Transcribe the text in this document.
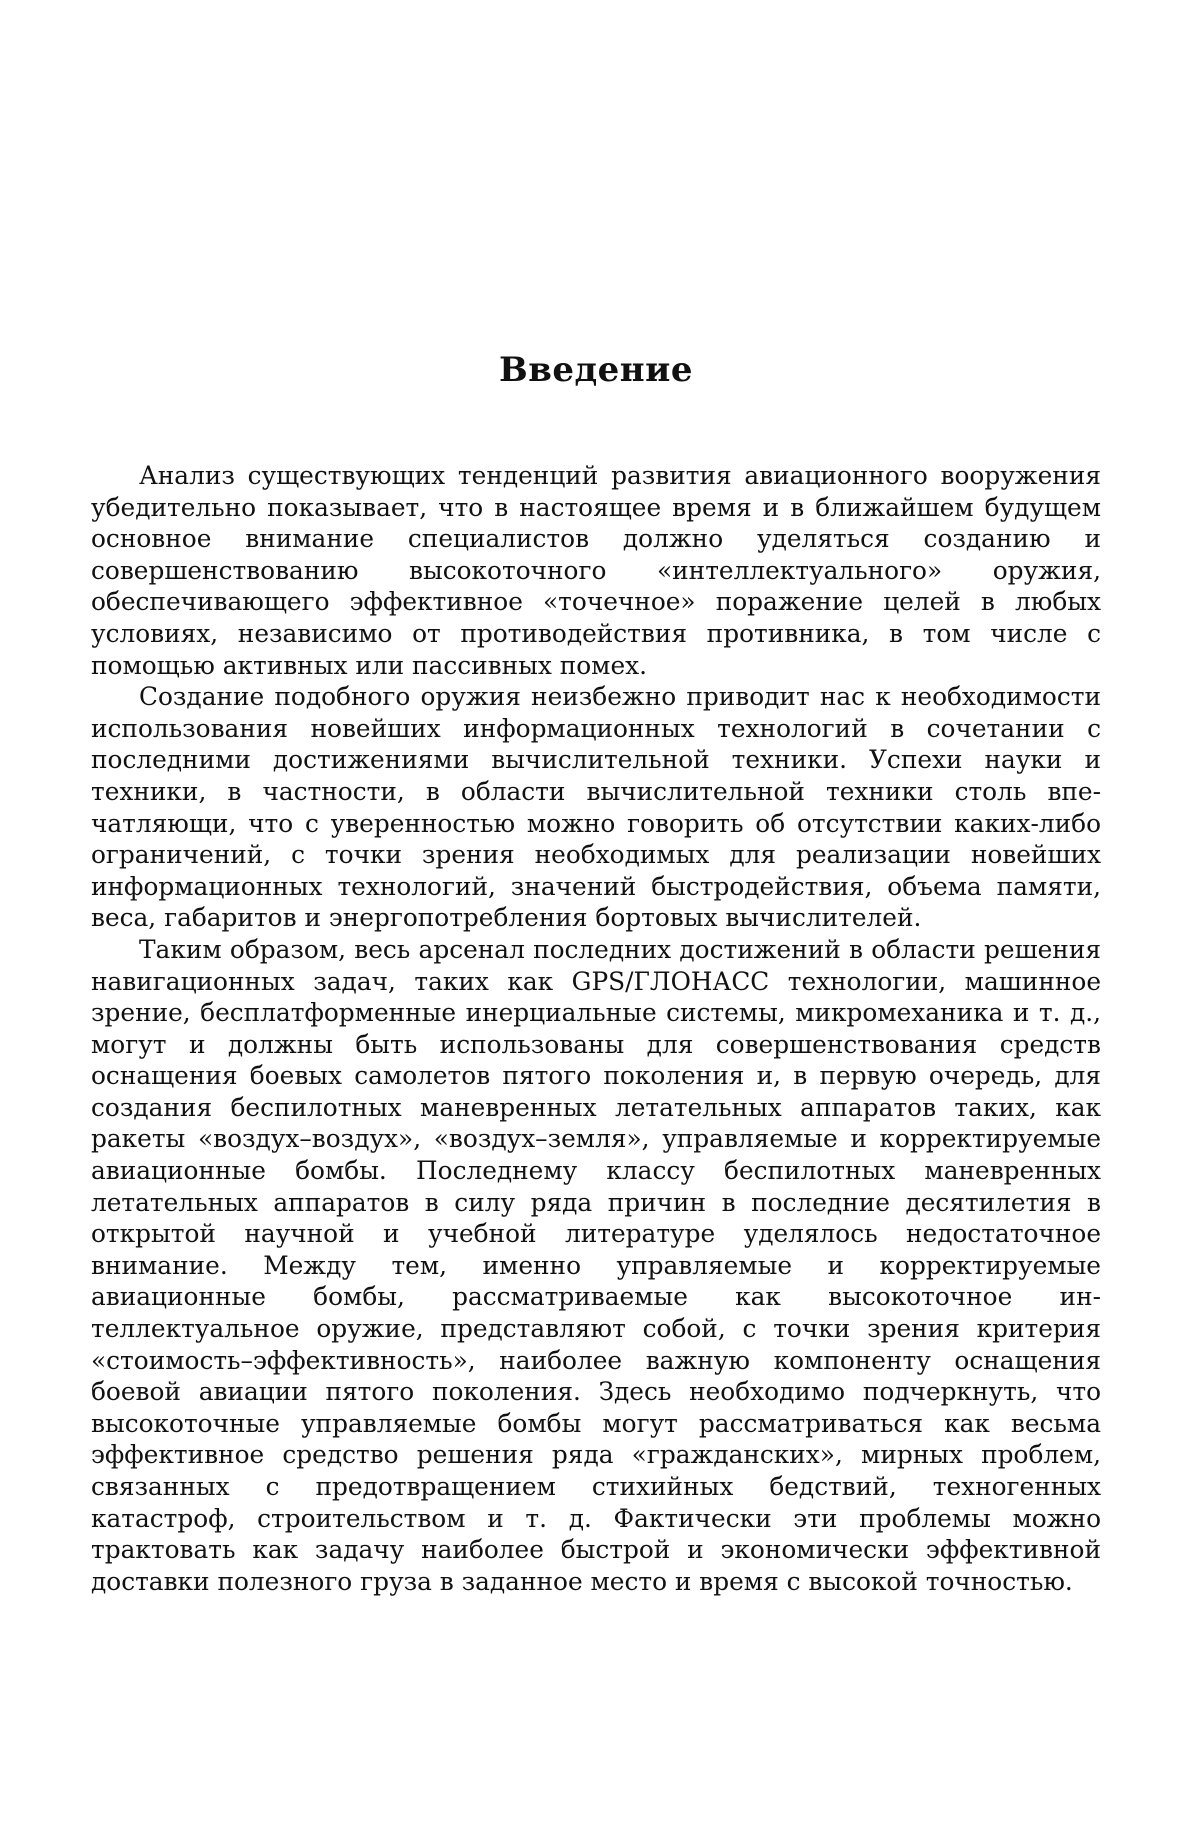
Введение

Анализ существующих тенденций развития авиационного вооружения убедительно показывает, что в настоящее время и в ближайшем будущем основное внимание специалистов должно уделяться созданию и совершенствованию высокоточного «интеллектуального» оружия, обеспечивающего эффективное «точечное» поражение целей в любых условиях, независимо от противодействия противника, в том числе с помощью активных или пассивных помех.

Создание подобного оружия неизбежно приводит нас к необходимости использования новейших информационных технологий в сочетании с последними достижениями вычислительной техники. Успехи науки и техники, в частности, в области вычислительной техники столь впечатляющи, что с уверенностью можно говорить об отсутствии каких-либо ограничений, с точки зрения необходимых для реализации новейших информационных технологий, значений быстродействия, объема памяти, веса, габаритов и энергопотребления бортовых вычислителей.

Таким образом, весь арсенал последних достижений в области решения навигационных задач, таких как GPS/ГЛОНАСС технологии, машинное зрение, бесплатформенные инерциальные системы, микромеханика и т. д., могут и должны быть использованы для совершенствования средств оснащения боевых самолетов пятого поколения и, в первую очередь, для создания беспилотных маневренных летательных аппаратов таких, как ракеты «воздух–воздух», «воздух–земля», управляемые и корректируемые авиационные бомбы. Последнему классу беспилотных маневренных летательных аппаратов в силу ряда причин в последние десятилетия в открытой научной и учебной литературе уделялось недостаточное внимание. Между тем, именно управляемые и корректируемые авиационные бомбы, рассматриваемые как высокоточное интеллектуальное оружие, представляют собой, с точки зрения критерия «стоимость–эффективность», наиболее важную компоненту оснащения боевой авиации пятого поколения. Здесь необходимо подчеркнуть, что высокоточные управляемые бомбы могут рассматриваться как весьма эффективное средство решения ряда «гражданских», мирных проблем, связанных с предотвращением стихийных бедствий, техногенных катастроф, строительством и т. д. Фактически эти проблемы можно трактовать как задачу наиболее быстрой и экономически эффективной доставки полезного груза в заданное место и время с высокой точностью.
